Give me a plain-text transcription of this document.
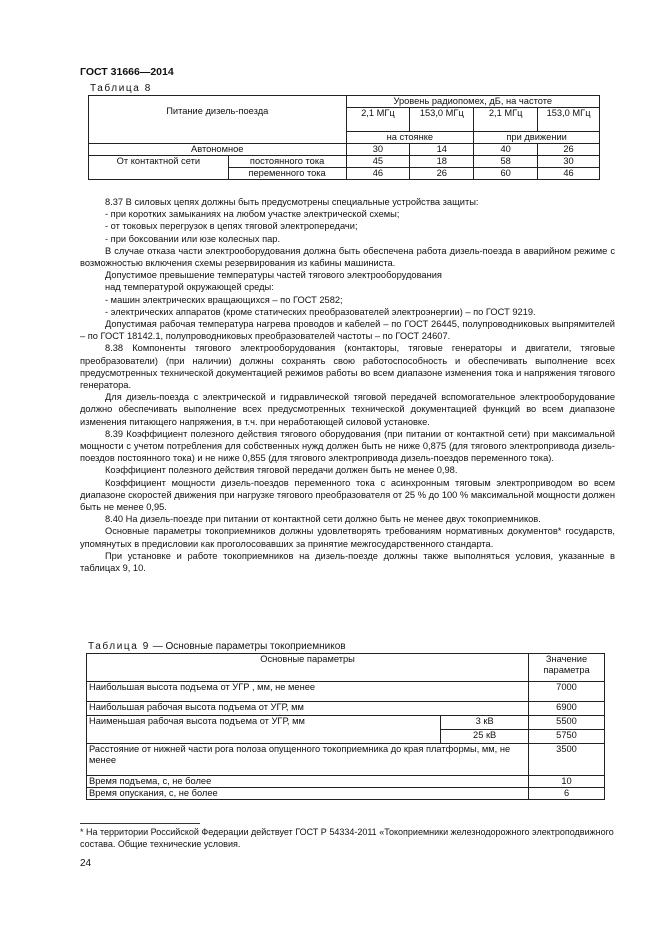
ГОСТ 31666—2014
Таблица 8
Питание дизель-поезда		Уровень радиопомех, дБ, на частоте			
		2,1 МГц	153,0 МГц	2,1 МГц	153,0 МГц
		на стоянке		при движении	
Автономное		30	14	40	26
От контактной сети	постоянного тока	45	18	58	30
	переменного тока	46	26	60	46

8.37 В силовых цепях должны быть предусмотрены специальные устройства защиты:

- при коротких замыканиях на любом участке электрической схемы;

- от токовых перегрузок в цепях тяговой электропередачи;

- при боксовании или юзе колесных пар.

В случае отказа части электрооборудования должна быть обеспечена работа дизель-поезда в аварийном режиме с возможностью включения схемы резервирования из кабины машиниста.

Допустимое превышение температуры частей тягового электрооборудования

над температурой окружающей среды:

- машин электрических вращающихся – по ГОСТ 2582;

- электрических аппаратов (кроме статических преобразователей электроэнергии) – по ГОСТ 9219.

Допустимая рабочая температура нагрева проводов и кабелей – по ГОСТ 26445, полупроводниковых выпрямителей – по ГОСТ 18142.1, полупроводниковых преобразователей частоты – по ГОСТ 24607.

8.38 Компоненты тягового электрооборудования (контакторы, тяговые генераторы и двигатели, тяговые преобразователи) (при наличии) должны сохранять свою работоспособность и обеспечивать выполнение всех предусмотренных технической документацией режимов работы во всем диапазоне изменения тока и напряжения тягового генератора.

Для дизель-поезда с электрической и гидравлической тяговой передачей вспомогательное электрооборудование должно обеспечивать выполнение всех предусмотренных технической документацией функций во всем диапазоне изменения питающего напряжения, в т.ч. при неработающей силовой установке.

8.39 Коэффициент полезного действия тягового оборудования (при питании от контактной сети) при максимальной мощности с учетом потребления для собственных нужд должен быть не ниже 0,875 (для тягового электропривода дизель-поездов постоянного тока) и не ниже 0,855 (для тягового электропривода дизель-поездов переменного тока).

Коэффициент полезного действия тяговой передачи должен быть не менее 0,98.

Коэффициент мощности дизель-поездов переменного тока с асинхронным тяговым электроприводом во всем диапазоне скоростей движения при нагрузке тягового преобразователя от 25 % до 100 % максимальной мощности должен быть не менее 0,95.

8.40 На дизель-поезде при питании от контактной сети должно быть не менее двух токоприемников.

Основные параметры токоприемников должны удовлетворять требованиям нормативных документов* государств, упомянутых в предисловии как проголосовавших за принятие межгосударственного стандарта.

При установке и работе токоприемников на дизель-поезде должны также выполняться условия, указанные в таблицах 9, 10.

Таблица 9 — Основные параметры токоприемников
Основные параметры		Значение параметра
Наибольшая высота подъема от УГР , мм, не менее		7000
Наибольшая рабочая высота подъема от УГР, мм		6900
Наименьшая рабочая высота подъема от УГР, мм	3 кВ	5500
	25 кВ	5750
Расстояние от нижней части рога полоза опущенного токоприемника до края платформы, мм, не менее		3500
Время подъема, с, не более		10
Время опускания, с, не более		6
* На территории Российской Федерации действует ГОСТ Р 54334-2011 «Токоприемники железнодорожного электроподвижного состава. Общие технические условия.
24
